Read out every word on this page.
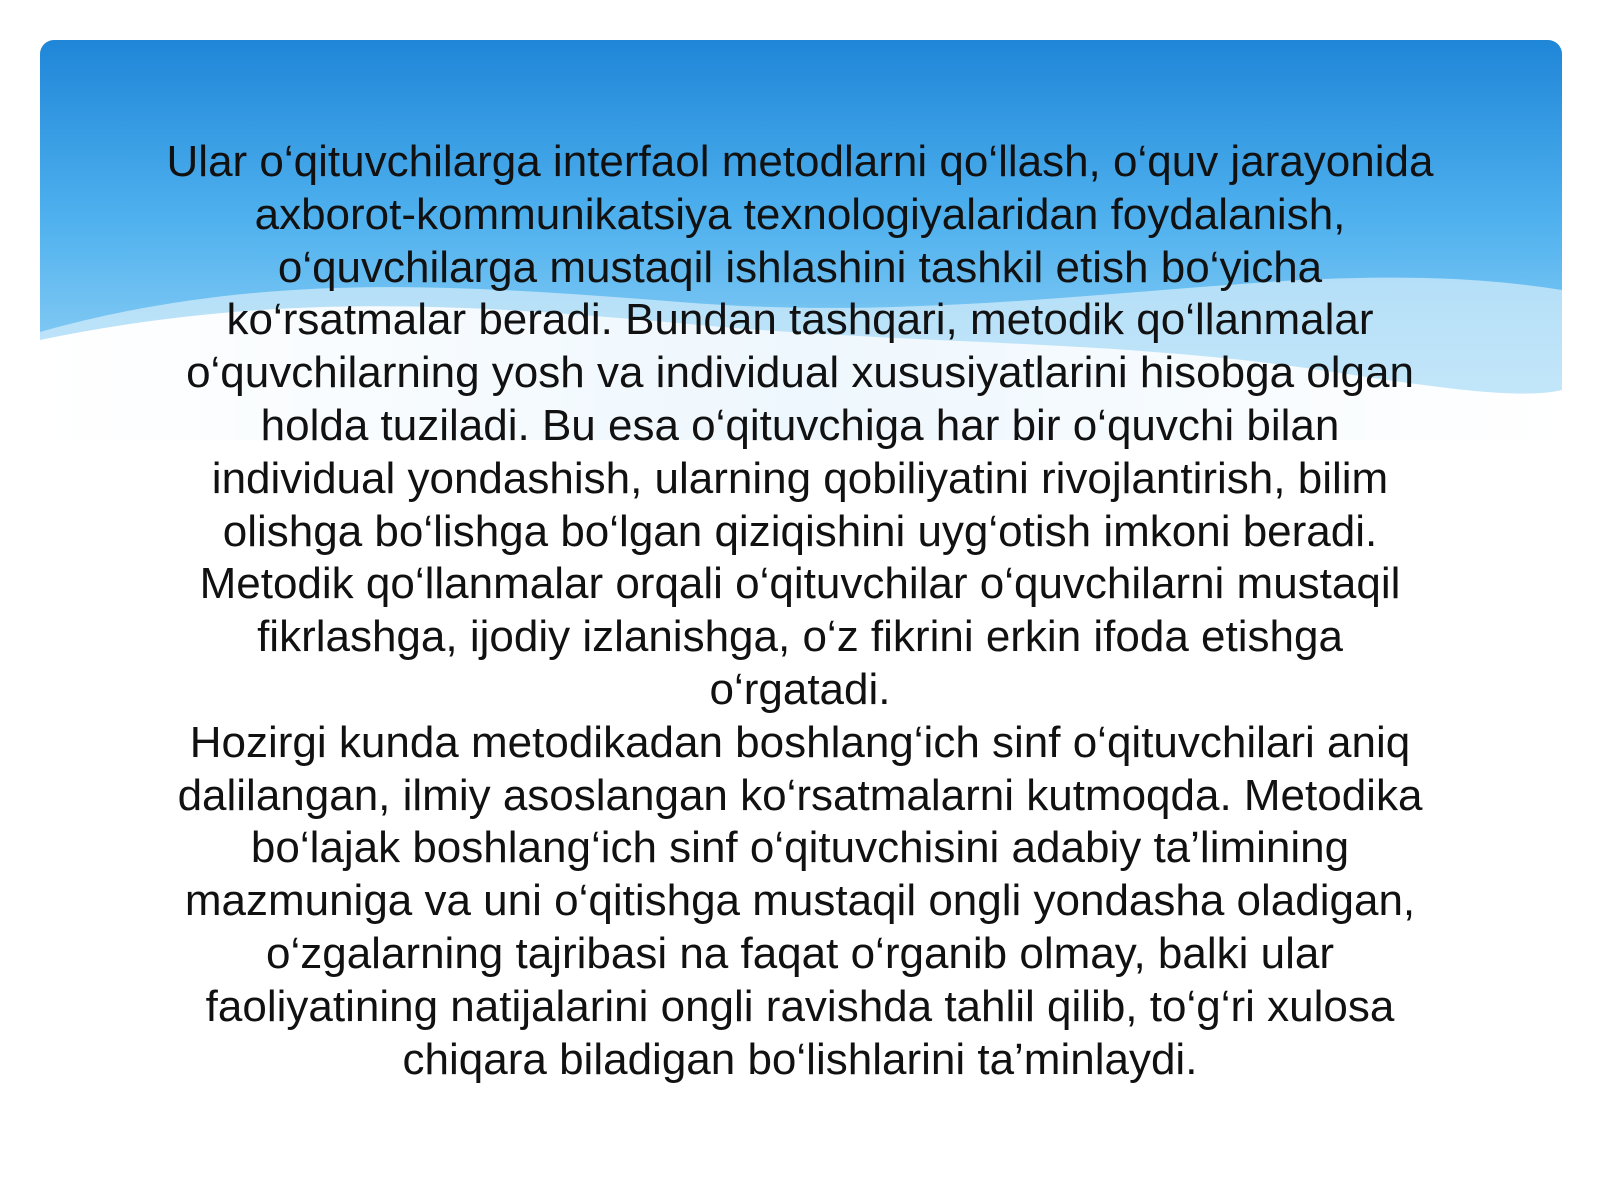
Ular o‘qituvchilarga interfaol metodlarni qo‘llash, o‘quv jarayonida
axborot-kommunikatsiya texnologiyalaridan foydalanish,
o‘quvchilarga mustaqil ishlashini tashkil etish bo‘yicha
ko‘rsatmalar beradi. Bundan tashqari, metodik qo‘llanmalar
o‘quvchilarning yosh va individual xususiyatlarini hisobga olgan
holda tuziladi. Bu esa o‘qituvchiga har bir o‘quvchi bilan
individual yondashish, ularning qobiliyatini rivojlantirish, bilim
olishga bo‘lishga bo‘lgan qiziqishini uyg‘otish imkoni beradi.
Metodik qo‘llanmalar orqali o‘qituvchilar o‘quvchilarni mustaqil
fikrlashga, ijodiy izlanishga, o‘z fikrini erkin ifoda etishga
o‘rgatadi.
Hozirgi kunda metodikadan boshlang‘ich sinf o‘qituvchilari aniq
dalilangan, ilmiy asoslangan ko‘rsatmalarni kutmoqda. Metodika
bo‘lajak boshlang‘ich sinf o‘qituvchisini adabiy ta’limining
mazmuniga va uni o‘qitishga mustaqil ongli yondasha oladigan,
o‘zgalarning tajribasi na faqat o‘rganib olmay, balki ular
faoliyatining natijalarini ongli ravishda tahlil qilib, to‘g‘ri xulosa
chiqara biladigan bo‘lishlarini ta’minlaydi.
